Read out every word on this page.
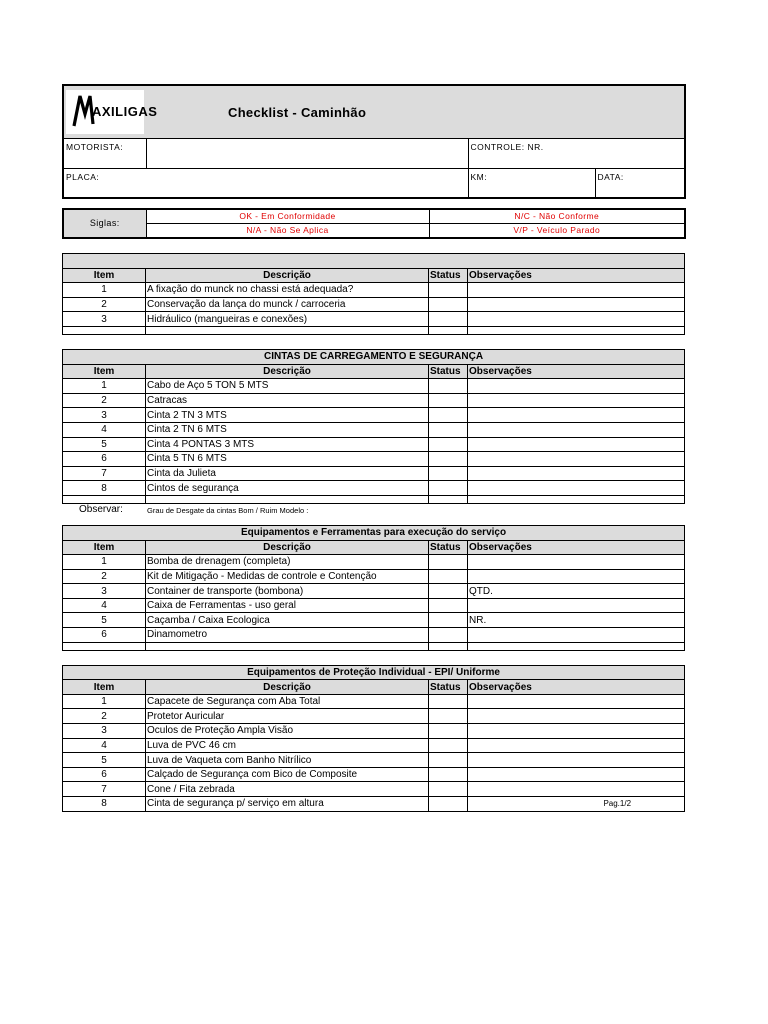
AXILIGAS Checklist - Caminhão			

MOTORISTA:		CONTROLE: NR.	
PLACA:		KM:	DATA:
Siglas:	OK - Em Conformidade	N/C - Não Conforme
	N/A - Não Se Aplica	V/P - Veículo Parado

Item	Descrição	Status	Observações
1	A fixação do munck no chassi está adequada?		
2	Conservação da lança do munck / carroceria		
3	Hidráulico (mangueiras e conexões)		

CINTAS DE CARREGAMENTO E SEGURANÇA			
Item	Descrição	Status	Observações
1	Cabo de Aço 5 TON 5 MTS		
2	Catracas		
3	Cinta 2 TN 3 MTS		
4	Cinta 2 TN 6 MTS		
5	Cinta 4 PONTAS 3 MTS		
6	Cinta 5 TN 6 MTS		
7	Cinta da Julieta		
8	Cintos de segurança		

Observar:	Grau de Desgate da cintas Bom / Ruim Modelo :
Equipamentos e Ferramentas para execução do serviço			
Item	Descrição	Status	Observações
1	Bomba de drenagem (completa)		
2	Kit de Mitigação - Medidas de controle e Contenção		
3	Container de transporte (bombona)		QTD.
4	Caixa de Ferramentas - uso geral		
5	Caçamba / Caixa Ecologica		NR.
6	Dinamometro		

Equipamentos de Proteção Individual - EPI/ Uniforme			
Item	Descrição	Status	Observações
1	Capacete de Segurança com Aba Total		
2	Protetor Auricular		
3	Oculos de Proteção Ampla Visão		
4	Luva de PVC 46 cm		
5	Luva de Vaqueta com Banho Nitrílico		
6	Calçado de Segurança com Bico de Composite		
7	Cone / Fita zebrada		
8	Cinta de segurança p/ serviço em altura		Pag.1/2
